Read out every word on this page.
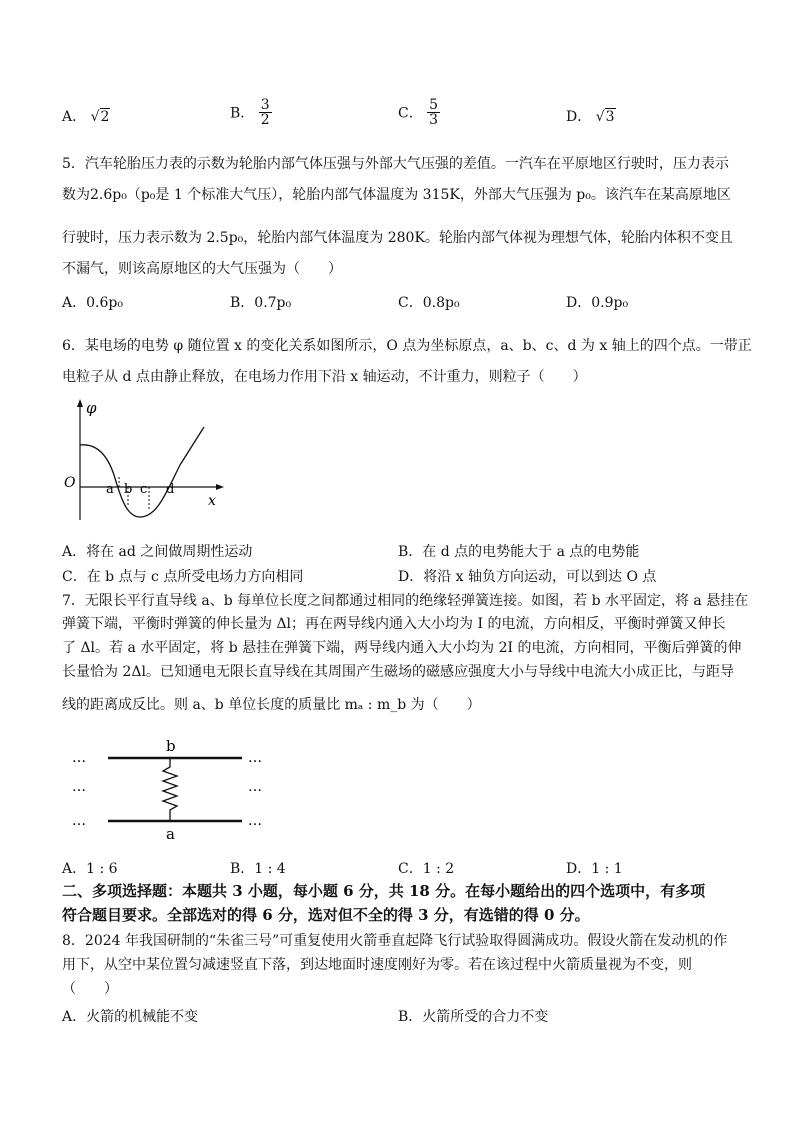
A． √2	B． $\frac{3}{2}$	C． $\frac{5}{3}$	D． √3
5．汽车轮胎压力表的示数为轮胎内部气体压强与外部大气压强的差值。一汽车在平原地区行驶时，压力表示
数为2.6p₀（p₀是 1 个标准大气压），轮胎内部气体温度为 315K，外部大气压强为 p₀。该汽车在某高原地区
行驶时，压力表示数为 2.5p₀，轮胎内部气体温度为 280K。轮胎内部气体视为理想气体，轮胎内体积不变且
不漏气，则该高原地区的大气压强为（　　）
A．0.6p₀	B．0.7p₀	C．0.8p₀	D．0.9p₀
6．某电场的电势 φ 随位置 x 的变化关系如图所示，O 点为坐标原点，a、b、c、d 为 x 轴上的四个点。一带正
电粒子从 d 点由静止释放，在电场力作用下沿 x 轴运动，不计重力，则粒子（　　）
φ
x
O a b c d
A．将在 ad 之间做周期性运动	B．在 d 点的电势能大于 a 点的电势能
C．在 b 点与 c 点所受电场力方向相同	D．将沿 x 轴负方向运动，可以到达 O 点
7．无限长平行直导线 a、b 每单位长度之间都通过相同的绝缘轻弹簧连接。如图，若 b 水平固定，将 a 悬挂在
弹簧下端，平衡时弹簧的伸长量为 Δl；再在两导线内通入大小均为 I 的电流，方向相反，平衡时弹簧又伸长
了 Δl。若 a 水平固定，将 b 悬挂在弹簧下端，两导线内通入大小均为 2I 的电流，方向相同，平衡后弹簧的伸
长量恰为 2Δl。已知通电无限长直导线在其周围产生磁场的磁感应强度大小与导线中电流大小成正比，与距导
线的距离成反比。则 a、b 单位长度的质量比 mₐ : m_b 为（　　）
b
a
…
…
…
…
…
…
A．1 : 6	B．1 : 4	C．1 : 2	D．1 : 1
二、多项选择题：本题共 3 小题，每小题 6 分，共 18 分。在每小题给出的四个选项中，有多项
符合题目要求。全部选对的得 6 分，选对但不全的得 3 分，有选错的得 0 分。
8．2024 年我国研制的“朱雀三号”可重复使用火箭垂直起降飞行试验取得圆满成功。假设火箭在发动机的作
用下，从空中某位置匀减速竖直下落，到达地面时速度刚好为零。若在该过程中火箭质量视为不变，则
（　　）
A．火箭的机械能不变	B．火箭所受的合力不变
